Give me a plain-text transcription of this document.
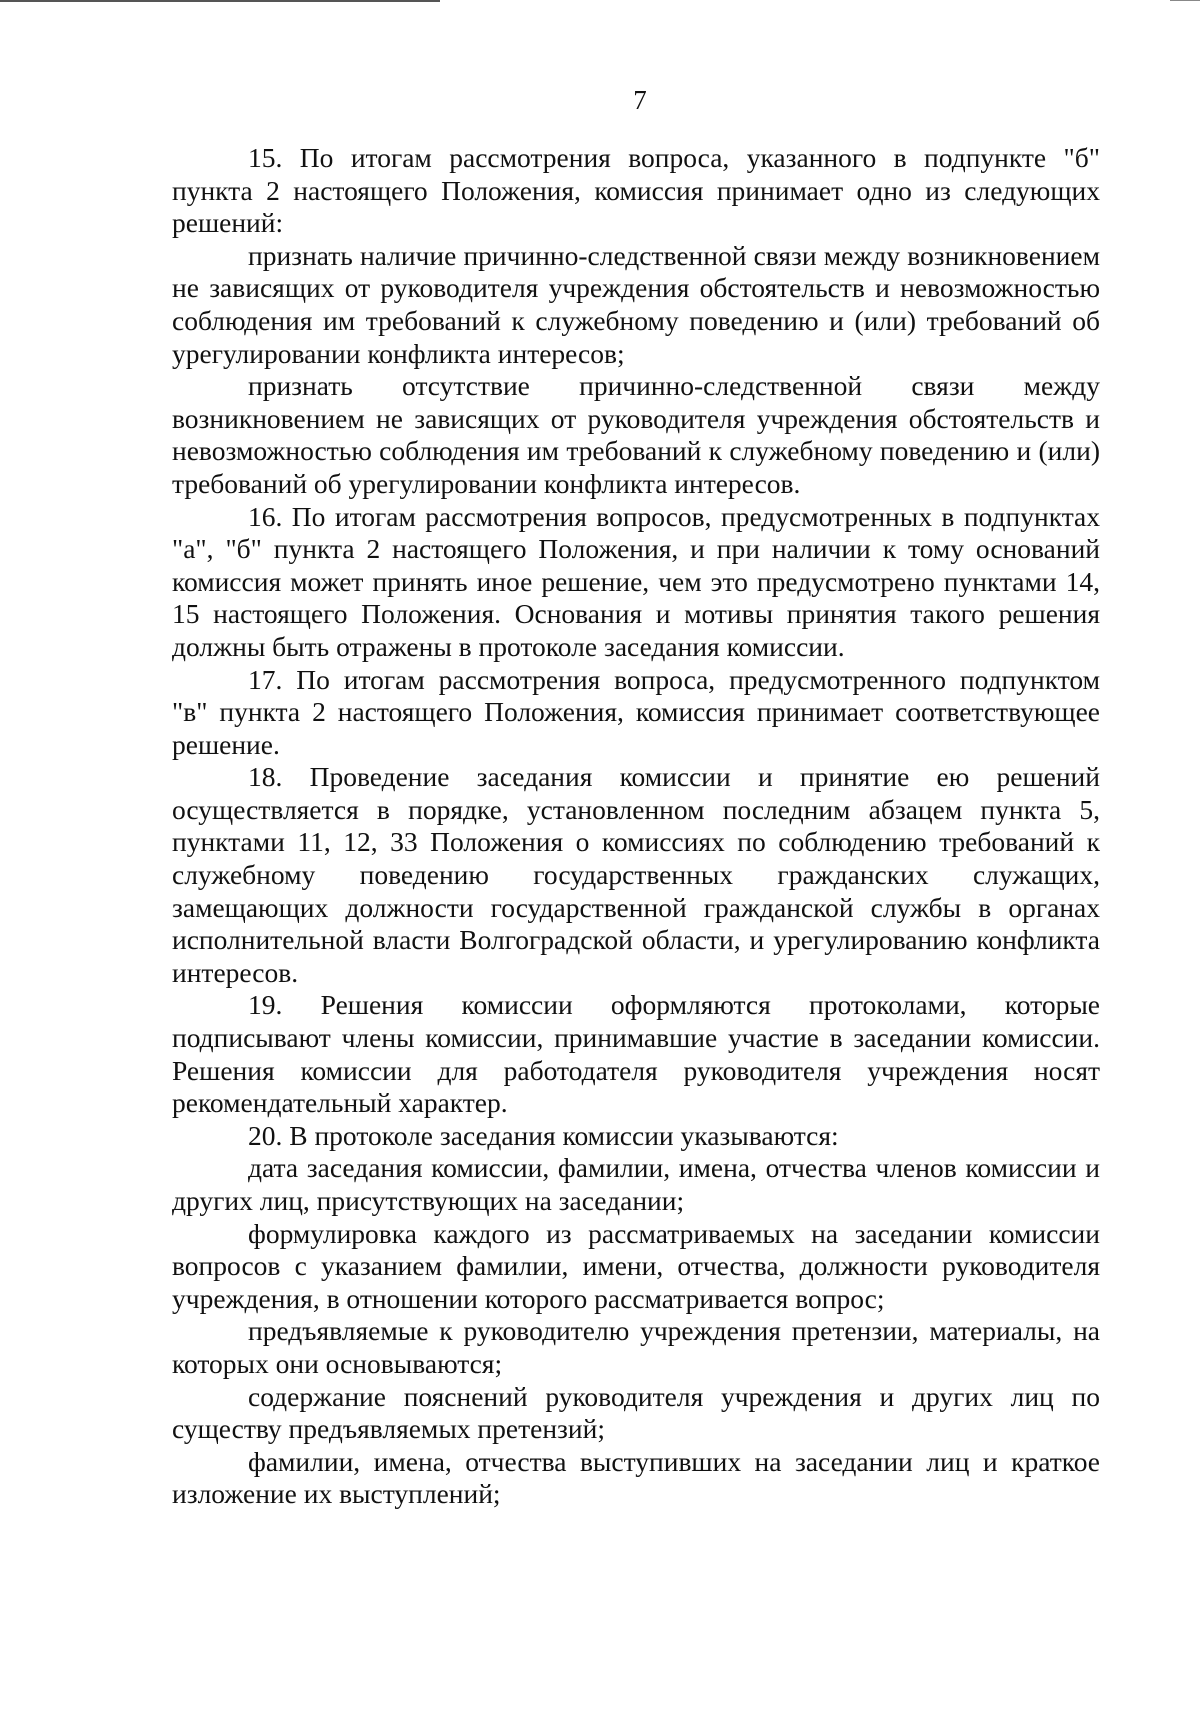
7

15. По итогам рассмотрения вопроса, указанного в подпункте "б" пункта 2 настоящего Положения, комиссия принимает одно из следующих решений:

признать наличие причинно-следственной связи между возникновением не зависящих от руководителя учреждения обстоятельств и невозможностью соблюдения им требований к служебному поведению и (или) требований об урегулировании конфликта интересов;

признать отсутствие причинно-следственной связи между возникновением не зависящих от руководителя учреждения обстоятельств и невозможностью соблюдения им требований к служебному поведению и (или) требований об урегулировании конфликта интересов.

16. По итогам рассмотрения вопросов, предусмотренных в подпунктах "а", "б" пункта 2 настоящего Положения, и при наличии к тому оснований комиссия может принять иное решение, чем это предусмотрено пунктами 14, 15 настоящего Положения. Основания и мотивы принятия такого решения должны быть отражены в протоколе заседания комиссии.

17. По итогам рассмотрения вопроса, предусмотренного подпунктом "в" пункта 2 настоящего Положения, комиссия принимает соответствующее решение.

18. Проведение заседания комиссии и принятие ею решений осуществляется в порядке, установленном последним абзацем пункта 5, пунктами 11, 12, 33 Положения о комиссиях по соблюдению требований к служебному поведению государственных гражданских служащих, замещающих должности государственной гражданской службы в органах исполнительной власти Волгоградской области, и урегулированию конфликта интересов.

19. Решения комиссии оформляются протоколами, которые подписывают члены комиссии, принимавшие участие в заседании комиссии. Решения комиссии для работодателя руководителя учреждения носят рекомендательный характер.

20. В протоколе заседания комиссии указываются:

дата заседания комиссии, фамилии, имена, отчества членов комиссии и других лиц, присутствующих на заседании;

формулировка каждого из рассматриваемых на заседании комиссии вопросов с указанием фамилии, имени, отчества, должности руководителя учреждения, в отношении которого рассматривается вопрос;

предъявляемые к руководителю учреждения претензии, материалы, на которых они основываются;

содержание пояснений руководителя учреждения и других лиц по существу предъявляемых претензий;

фамилии, имена, отчества выступивших на заседании лиц и краткое изложение их выступлений;
